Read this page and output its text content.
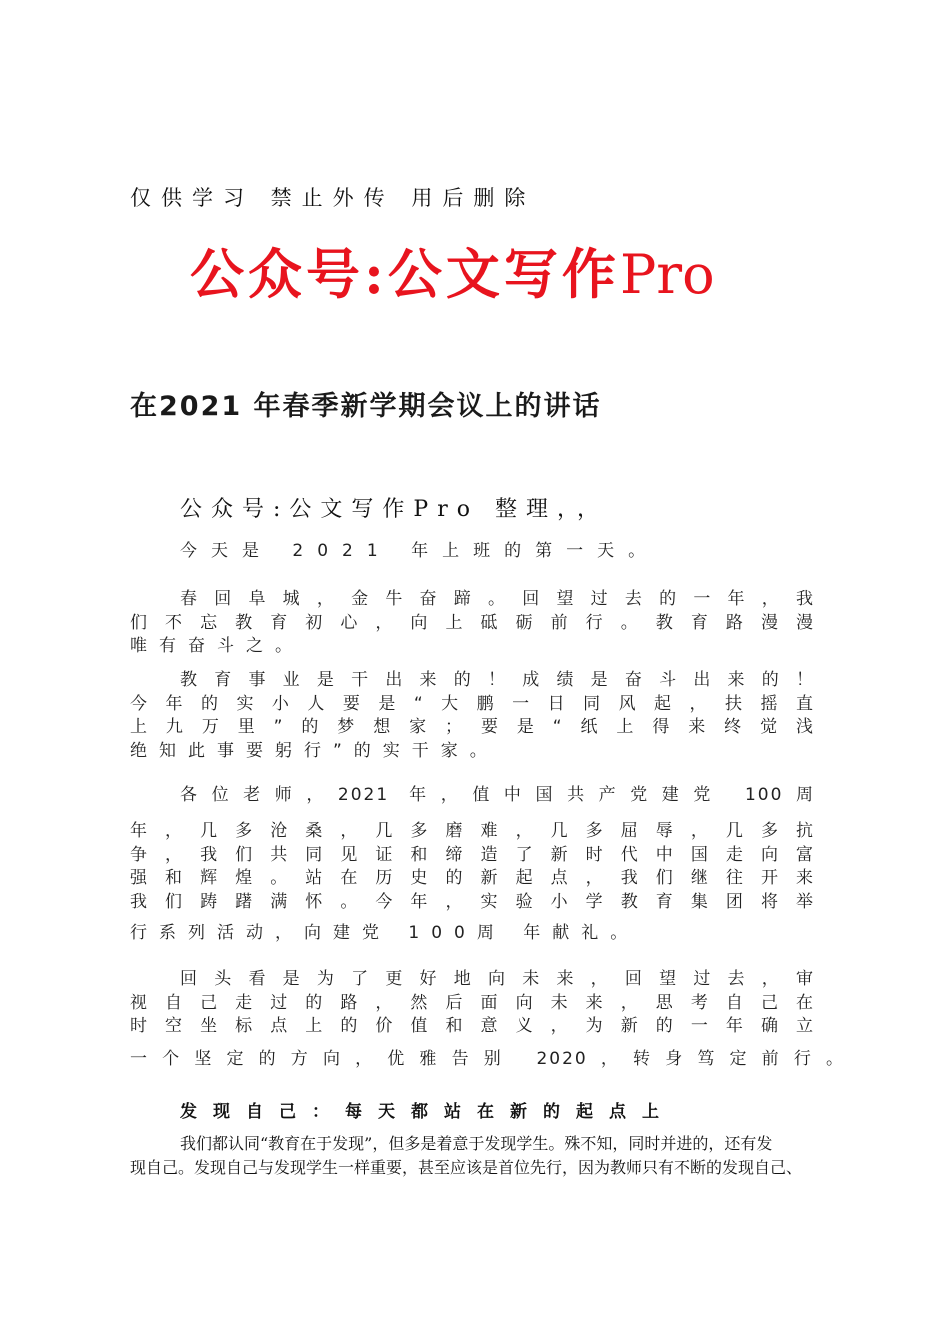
仅供学习 禁止外传 用后删除
公众号:公文写作Pro
在2021 年春季新学期会议上的讲话
公众号:公文写作Pro 整理，，
今天是 2021 年上班的第一天。
春回阜城，金牛奋蹄。回望过去的一年，我
们不忘教育初心，向上砥砺前行。教育路漫漫
唯有奋斗之。
教育事业是干出来的！成绩是奋斗出来的！
今年的实小人要是“大鹏一日同风起，扶摇直
上九万里”的梦想家；要是“纸上得来终觉浅
绝知此事要躬行”的实干家。
各位老师，2021 年，值中国共产党建党 100周
年，几多沧桑，几多磨难，几多屈辱，几多抗
争，我们共同见证和缔造了新时代中国走向富
强和辉煌。站在历史的新起点，我们继往开来
我们踌躇满怀。今年，实验小学教育集团将举
行系列活动，向建党 100周 年献礼。
回头看是为了更好地向未来，回望过去，审
视自己走过的路，然后面向未来，思考自己在
时空坐标点上的价值和意义，为新的一年确立
一个坚定的方向，优雅告别 2020，转身笃定前行。
发现自己：每天都站在新的起点上
我们都认同“教育在于发现”，但多是着意于发现学生。殊不知，同时并进的，还有发
现自己。发现自己与发现学生一样重要，甚至应该是首位先行，因为教师只有不断的发现自己、
